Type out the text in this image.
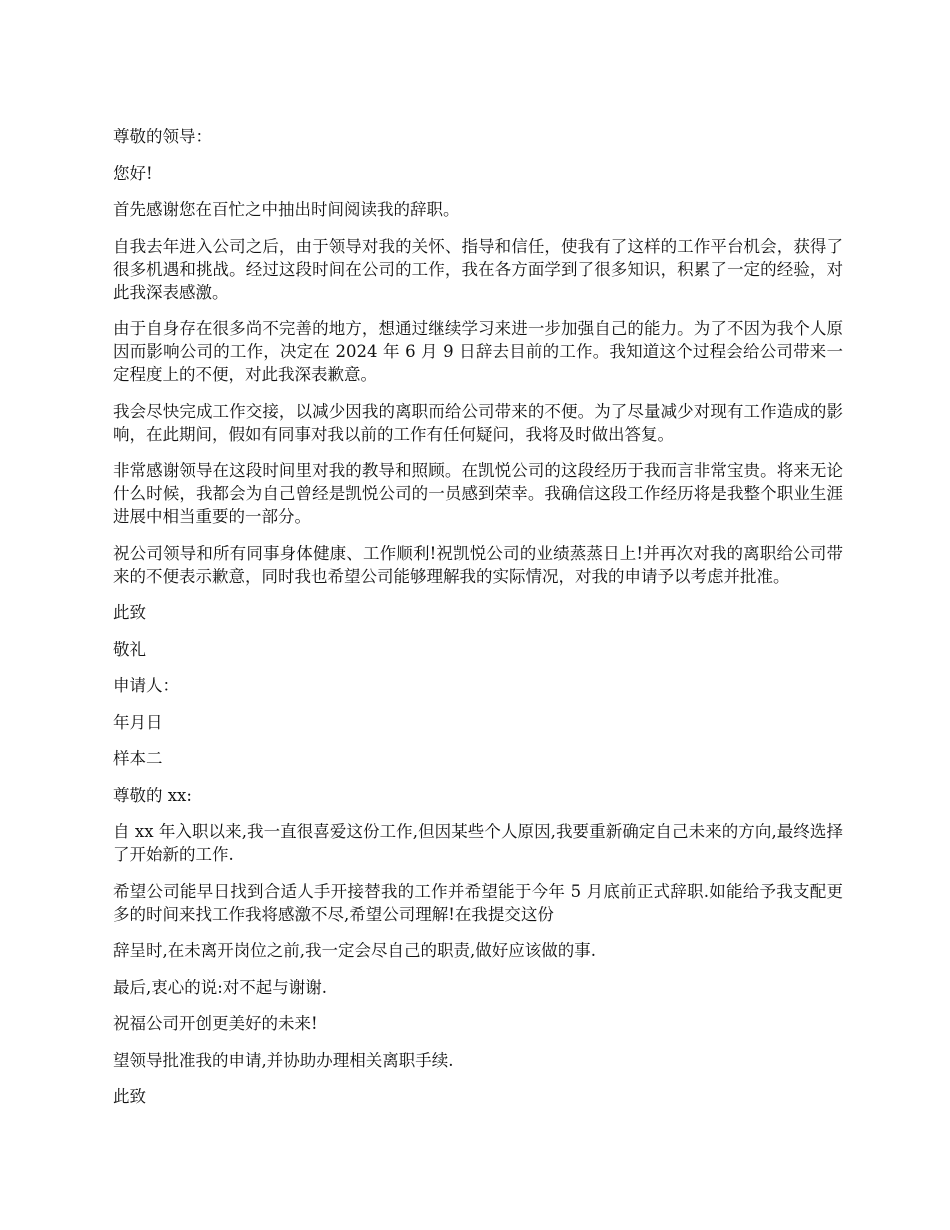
尊敬的领导：

您好!

首先感谢您在百忙之中抽出时间阅读我的辞职。

自我去年进入公司之后，由于领导对我的关怀、指导和信任，使我有了这样的工作平台机会，获得了很多机遇和挑战。经过这段时间在公司的工作，我在各方面学到了很多知识，积累了一定的经验，对此我深表感激。

由于自身存在很多尚不完善的地方，想通过继续学习来进一步加强自己的能力。为了不因为我个人原因而影响公司的工作，决定在 2024 年 6 月 9 日辞去目前的工作。我知道这个过程会给公司带来一定程度上的不便，对此我深表歉意。

我会尽快完成工作交接，以减少因我的离职而给公司带来的不便。为了尽量减少对现有工作造成的影响，在此期间，假如有同事对我以前的工作有任何疑问，我将及时做出答复。

非常感谢领导在这段时间里对我的教导和照顾。在凯悦公司的这段经历于我而言非常宝贵。将来无论什么时候，我都会为自己曾经是凯悦公司的一员感到荣幸。我确信这段工作经历将是我整个职业生涯进展中相当重要的一部分。

祝公司领导和所有同事身体健康、工作顺利!祝凯悦公司的业绩蒸蒸日上!并再次对我的离职给公司带来的不便表示歉意，同时我也希望公司能够理解我的实际情况，对我的申请予以考虑并批准。

此致

敬礼

申请人：

年月日

样本二

尊敬的 xx:

自 xx 年入职以来,我一直很喜爱这份工作,但因某些个人原因,我要重新确定自己未来的方向,最终选择了开始新的工作.

希望公司能早日找到合适人手开接替我的工作并希望能于今年 5 月底前正式辞职.如能给予我支配更多的时间来找工作我将感激不尽,希望公司理解!在我提交这份

辞呈时,在未离开岗位之前,我一定会尽自己的职责,做好应该做的事.

最后,衷心的说:对不起与谢谢.

祝福公司开创更美好的未来!

望领导批准我的申请,并协助办理相关离职手续.

此致
